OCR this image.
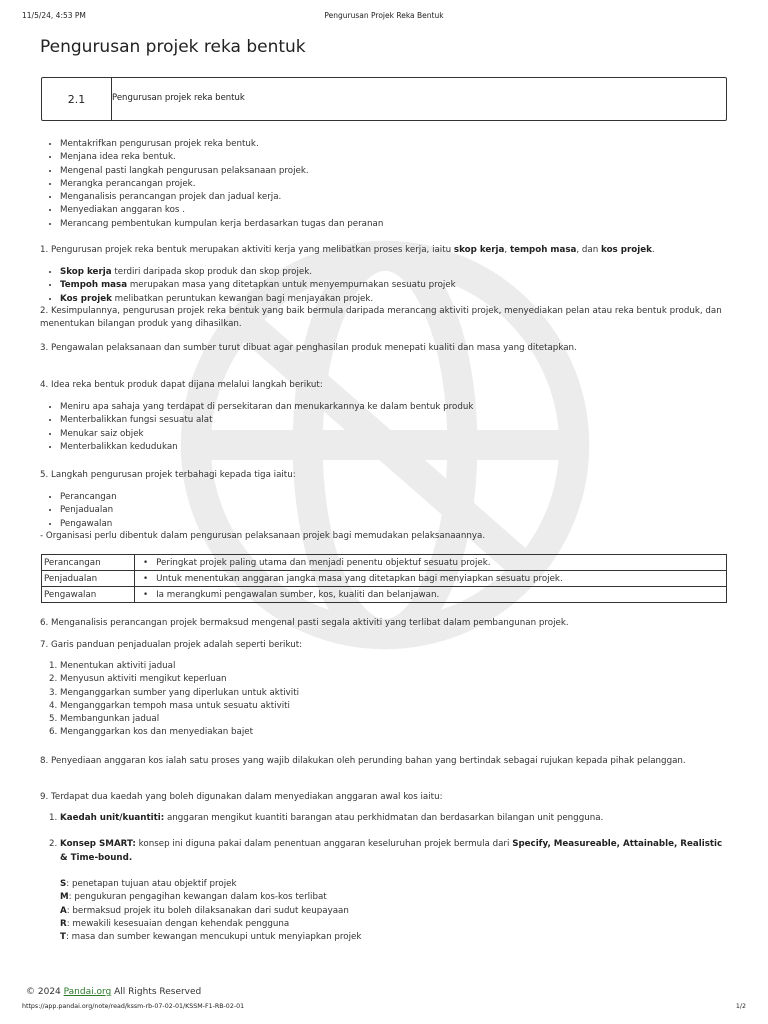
11/5/24, 4:53 PM	Pengurusan Projek Reka Bentuk
Pengurusan projek reka bentuk
2.1	Pengurusan projek reka bentuk
• Mentakrifkan pengurusan projek reka bentuk.
• Menjana idea reka bentuk.
• Mengenal pasti langkah pengurusan pelaksanaan projek.
• Merangka perancangan projek.
• Menganalisis perancangan projek dan jadual kerja.
• Menyediakan anggaran kos .
• Merancang pembentukan kumpulan kerja berdasarkan tugas dan peranan

1. Pengurusan projek reka bentuk merupakan aktiviti kerja yang melibatkan proses kerja, iaitu skop kerja, tempoh masa, dan kos projek.

• Skop kerja terdiri daripada skop produk dan skop projek.
• Tempoh masa merupakan masa yang ditetapkan untuk menyempurnakan sesuatu projek
• Kos projek melibatkan peruntukan kewangan bagi menjayakan projek.

2. Kesimpulannya, pengurusan projek reka bentuk yang baik bermula daripada merancang aktiviti projek, menyediakan pelan atau reka bentuk produk, dan menentukan bilangan produk yang dihasilkan.

3. Pengawalan pelaksanaan dan sumber turut dibuat agar penghasilan produk menepati kualiti dan masa yang ditetapkan.

4. Idea reka bentuk produk dapat dijana melalui langkah berikut:

• Meniru apa sahaja yang terdapat di persekitaran dan menukarkannya ke dalam bentuk produk
• Menterbalikkan fungsi sesuatu alat
• Menukar saiz objek
• Menterbalikkan kedudukan

5. Langkah pengurusan projek terbahagi kepada tiga iaitu:

• Perancangan
• Penjadualan
• Pengawalan

- Organisasi perlu dibentuk dalam pengurusan pelaksanaan projek bagi memudakan pelaksanaannya.

Perancangan	• Peringkat projek paling utama dan menjadi penentu objektuf sesuatu projek.
Penjadualan	• Untuk menentukan anggaran jangka masa yang ditetapkan bagi menyiapkan sesuatu projek.
Pengawalan	• Ia merangkumi pengawalan sumber, kos, kualiti dan belanjawan.

6. Menganalisis perancangan projek bermaksud mengenal pasti segala aktiviti yang terlibat dalam pembangunan projek.

7. Garis panduan penjadualan projek adalah seperti berikut:

1. Menentukan aktiviti jadual
2. Menyusun aktiviti mengikut keperluan
3. Menganggarkan sumber yang diperlukan untuk aktiviti
4. Menganggarkan tempoh masa untuk sesuatu aktiviti
5. Membangunkan jadual
6. Menganggarkan kos dan menyediakan bajet

8. Penyediaan anggaran kos ialah satu proses yang wajib dilakukan oleh perunding bahan yang bertindak sebagai rujukan kepada pihak pelanggan.

9. Terdapat dua kaedah yang boleh digunakan dalam menyediakan anggaran awal kos iaitu:

1. Kaedah unit/kuantiti: anggaran mengikut kuantiti barangan atau perkhidmatan dan berdasarkan bilangan unit pengguna.
2. Konsep SMART: konsep ini diguna pakai dalam penentuan anggaran keseluruhan projek bermula dari Specify, Measureable, Attainable, Realistic & Time-bound.
S: penetapan tujuan atau objektif projek
M: pengukuran pengagihan kewangan dalam kos-kos terlibat
A: bermaksud projek itu boleh dilaksanakan dari sudut keupayaan
R: mewakili kesesuaian dengan kehendak pengguna
T: masa dan sumber kewangan mencukupi untuk menyiapkan projek
© 2024 Pandai.org All Rights Reserved
https://app.pandai.org/note/read/kssm-rb-07-02-01/KSSM-F1-RB-02-01	1/2
